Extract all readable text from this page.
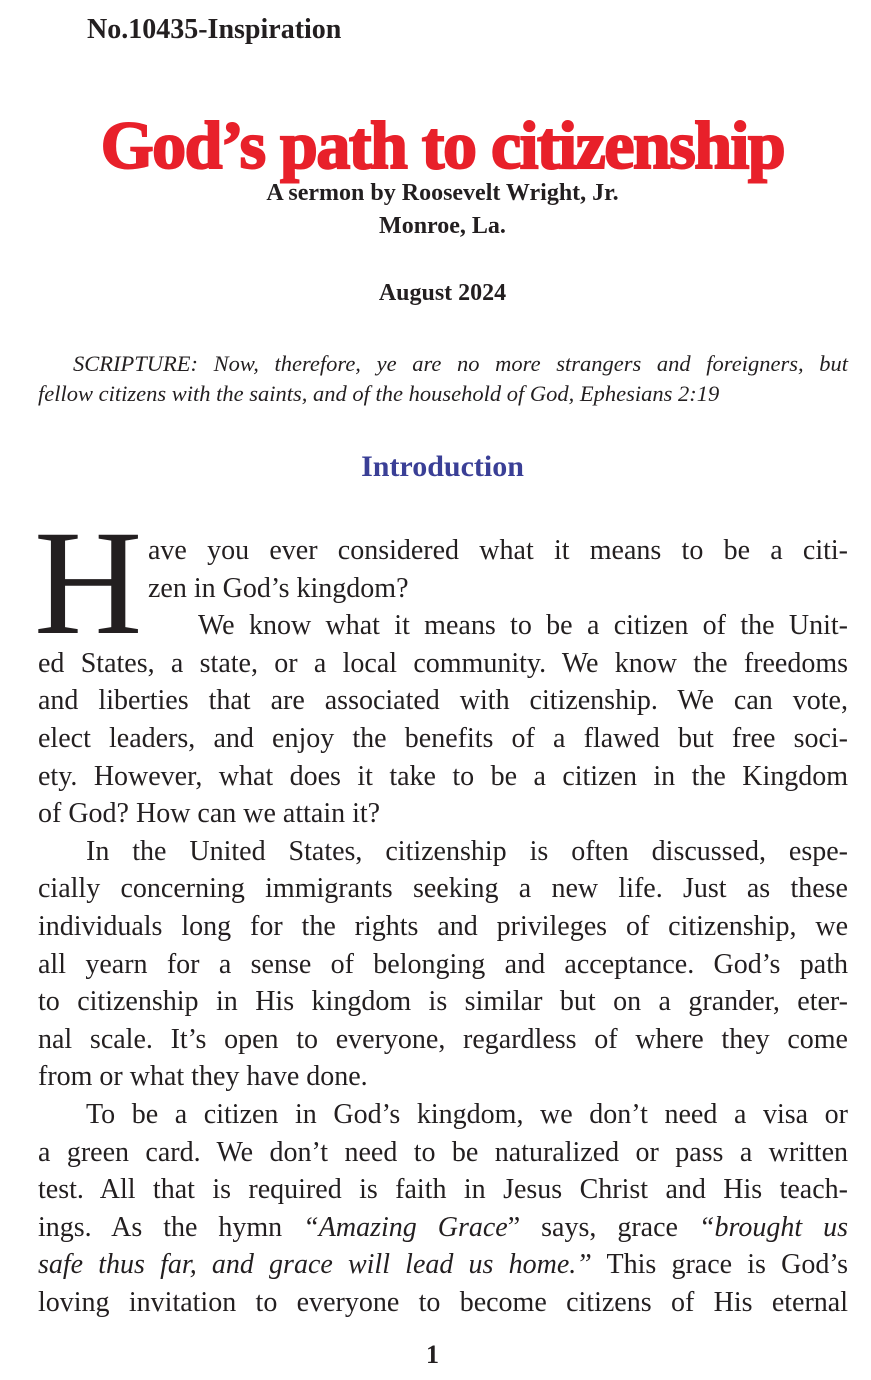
No.10435-Inspiration
God’s path to citizenship
A sermon by Roosevelt Wright, Jr.
Monroe, La.
August 2024
SCRIPTURE: Now, therefore, ye are no more strangers and foreigners, but
fellow citizens with the saints, and of the household of God, Ephesians 2:19
Introduction
H ave you ever considered what it means to be a citi-
zen in God’s kingdom?
We know what it means to be a citizen of the Unit-
ed States, a state, or a local community. We know the freedoms
and liberties that are associated with citizenship. We can vote,
elect leaders, and enjoy the benefits of a flawed but free soci-
ety. However, what does it take to be a citizen in the Kingdom
of God? How can we attain it?
In the United States, citizenship is often discussed, espe-
cially concerning immigrants seeking a new life. Just as these
individuals long for the rights and privileges of citizenship, we
all yearn for a sense of belonging and acceptance. God’s path
to citizenship in His kingdom is similar but on a grander, eter-
nal scale. It’s open to everyone, regardless of where they come
from or what they have done.
To be a citizen in God’s kingdom, we don’t need a visa or
a green card. We don’t need to be naturalized or pass a written
test. All that is required is faith in Jesus Christ and His teach-
ings. As the hymn “Amazing Grace” says, grace “brought us
safe thus far, and grace will lead us home.” This grace is God’s
loving invitation to everyone to become citizens of His eternal
1
